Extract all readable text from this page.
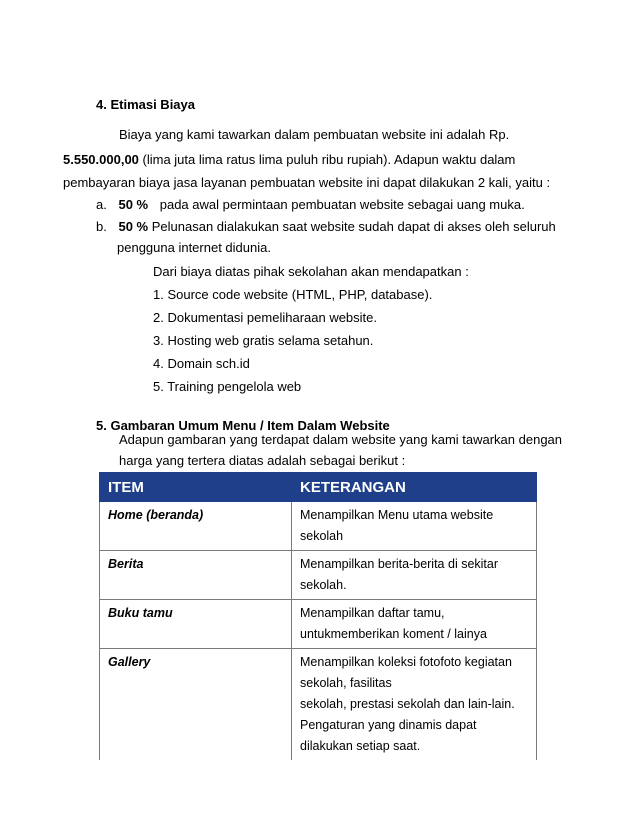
4. Etimasi Biaya
Biaya yang kami tawarkan dalam pembuatan website ini adalah Rp.
5.550.000,00 (lima juta lima ratus lima puluh ribu rupiah). Adapun waktu dalam
pembayaran biaya jasa layanan pembuatan website ini dapat dilakukan 2 kali, yaitu :
a. 50 % pada awal permintaan pembuatan website sebagai uang muka.
b. 50 % Pelunasan dialakukan saat website sudah dapat di akses oleh seluruh
pengguna internet didunia.
Dari biaya diatas pihak sekolahan akan mendapatkan :
1. Source code website (HTML, PHP, database).
2. Dokumentasi pemeliharaan website.
3. Hosting web gratis selama setahun.
4. Domain sch.id
5. Training pengelola web
5. Gambaran Umum Menu / Item Dalam Website
Adapun gambaran yang terdapat dalam website yang kami tawarkan dengan
harga yang tertera diatas adalah sebagai berikut :
ITEM	KETERANGAN
Home (beranda)	Menampilkan Menu utama website
sekolah

Berita	Menampilkan berita-berita di sekitar
sekolah.

Buku tamu	Menampilkan daftar tamu,
untukmemberikan koment / lainya

Gallery	Menampilkan koleksi fotofoto kegiatan
sekolah, fasilitas
sekolah, prestasi sekolah dan lain-lain.
Pengaturan yang dinamis dapat
dilakukan setiap saat.
